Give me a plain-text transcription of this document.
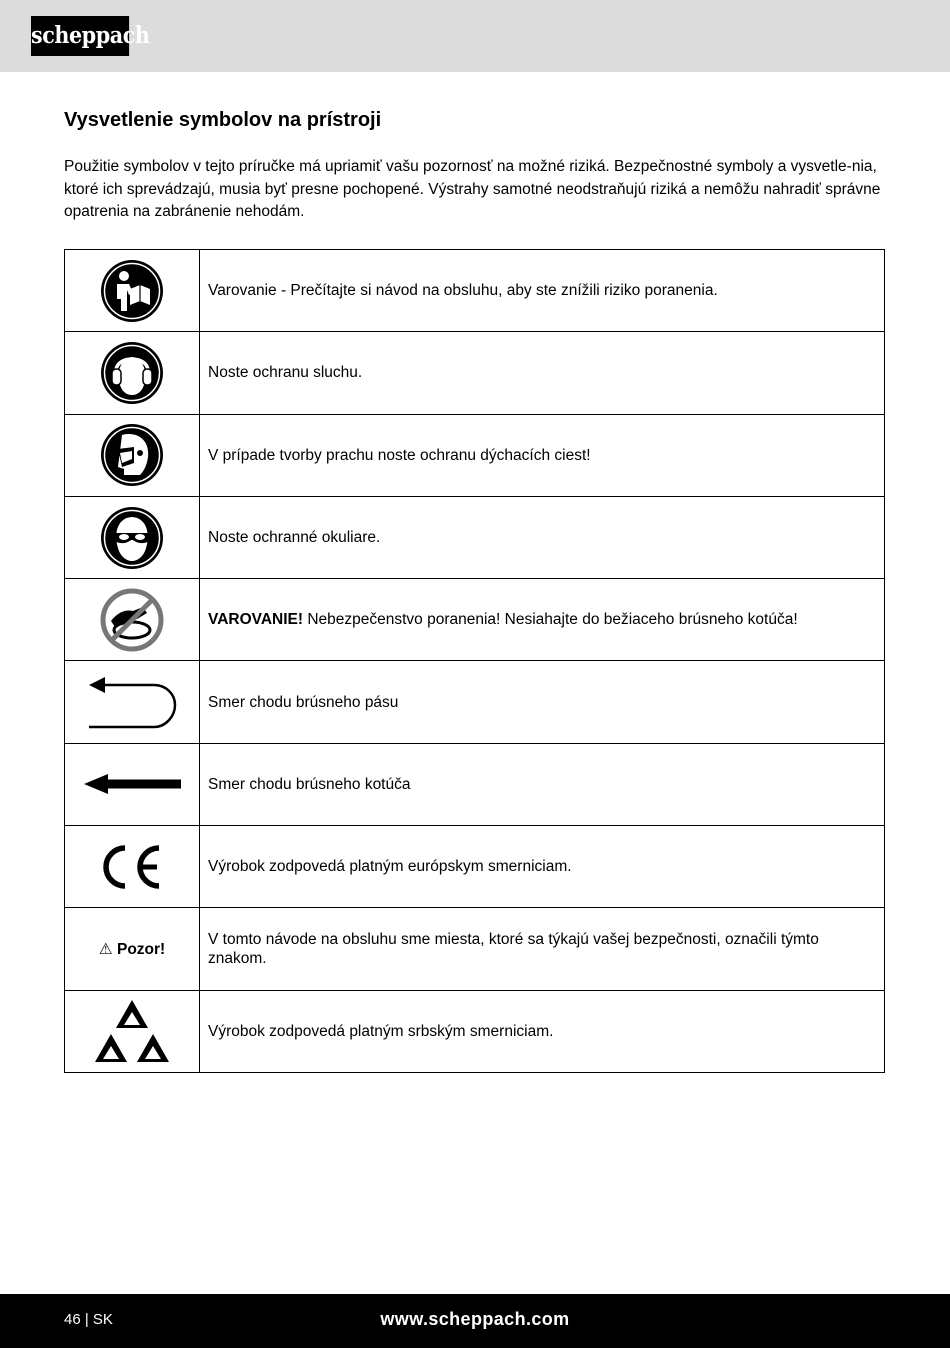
scheppach
Vysvetlenie symbolov na prístroji

Použitie symbolov v tejto príručke má upriamiť vašu pozornosť na možné riziká. Bezpečnostné symboly a vysvetle-nia, ktoré ich sprevádzajú, musia byť presne pochopené. Výstrahy samotné neodstraňujú riziká a nemôžu nahradiť správne opatrenia na zabránenie nehodám.

	Varovanie - Prečítajte si návod na obsluhu, aby ste znížili riziko poranenia.

	Noste ochranu sluchu.

	V prípade tvorby prachu noste ochranu dýchacích ciest!

	Noste ochranné okuliare.

	VAROVANIE! Nebezpečenstvo poranenia! Nesiahajte do bežiaceho brúsneho kotúča!

	Smer chodu brúsneho pásu

	Smer chodu brúsneho kotúča

	Výrobok zodpovedá platným európskym smerniciam.
⚠ Pozor!	V tomto návode na obsluhu sme miesta, ktoré sa týkajú vašej bezpečnosti, označili týmto znakom.

	Výrobok zodpovedá platným srbským smerniciam.
46 | SK	www.scheppach.com
